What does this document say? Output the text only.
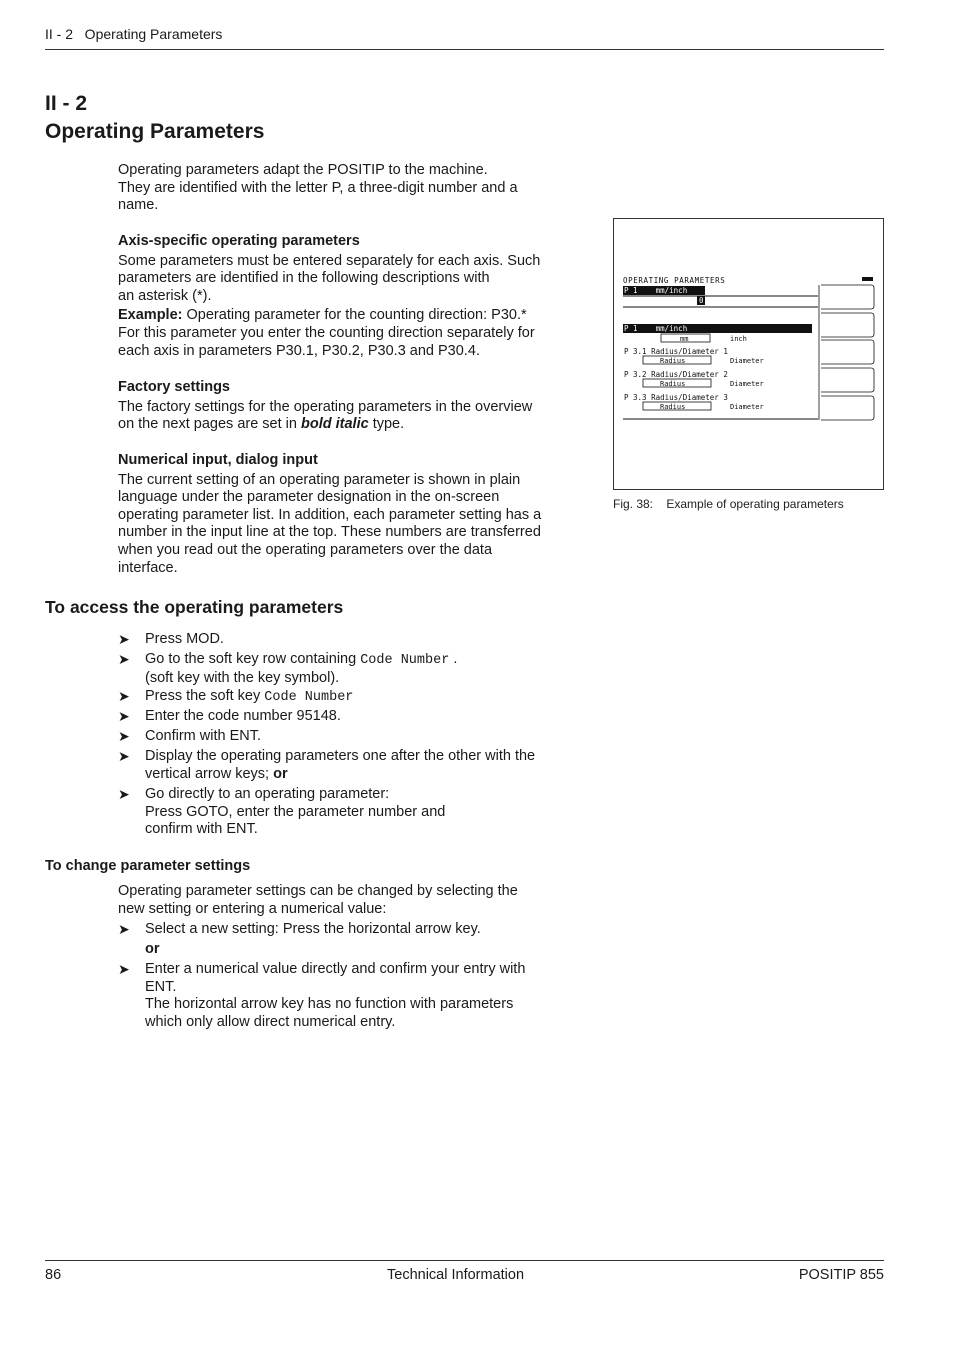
II - 2   Operating Parameters
II - 2
Operating Parameters
Operating parameters adapt the POSITIP to the machine.
They are identified with the letter P, a three-digit number and a
name.
Axis-specific operating parameters
Some parameters must be entered separately for each axis. Such
parameters are identified in the following descriptions with
an asterisk (*).
Example: Operating parameter for the counting direction: P30.*
For this parameter you enter the counting direction separately for
each axis in parameters P30.1, P30.2, P30.3 and P30.4.
Factory settings
The factory settings for the operating parameters in the overview
on the next pages are set in bold italic type.
Numerical input, dialog input
The current setting of an operating parameter is shown in plain
language under the parameter designation in the on-screen
operating parameter list. In addition, each parameter setting has a
number in the input line at the top. These numbers are transferred
when you read out the operating parameters over the data
interface.
To access the operating parameters
➤ Press MOD.
➤ Go to the soft key row containing Code Number .
(soft key with the key symbol).
➤ Press the soft key Code Number
➤ Enter the code number 95148.
➤ Confirm with ENT.
➤ Display the operating parameters one after the other with the
vertical arrow keys; or
➤ Go directly to an operating parameter:
Press GOTO, enter the parameter number and
confirm with ENT.
To change parameter settings
Operating parameter settings can be changed by selecting the
new setting or entering a numerical value:
➤ Select a new setting: Press the horizontal arrow key.
or
➤ Enter a numerical value directly and confirm your entry with
ENT.
The horizontal arrow key has no function with parameters
which only allow direct numerical entry.
OPERATING PARAMETERS
P 1    mm/inch
0
P 1    mm/inch
mm	inch
P 3.1 Radius/Diameter 1
Radius	Diameter
P 3.2 Radius/Diameter 2
Radius	Diameter
P 3.3 Radius/Diameter 3
Radius	Diameter
Fig. 38:    Example of operating parameters
86	Technical Information	POSITIP 855
